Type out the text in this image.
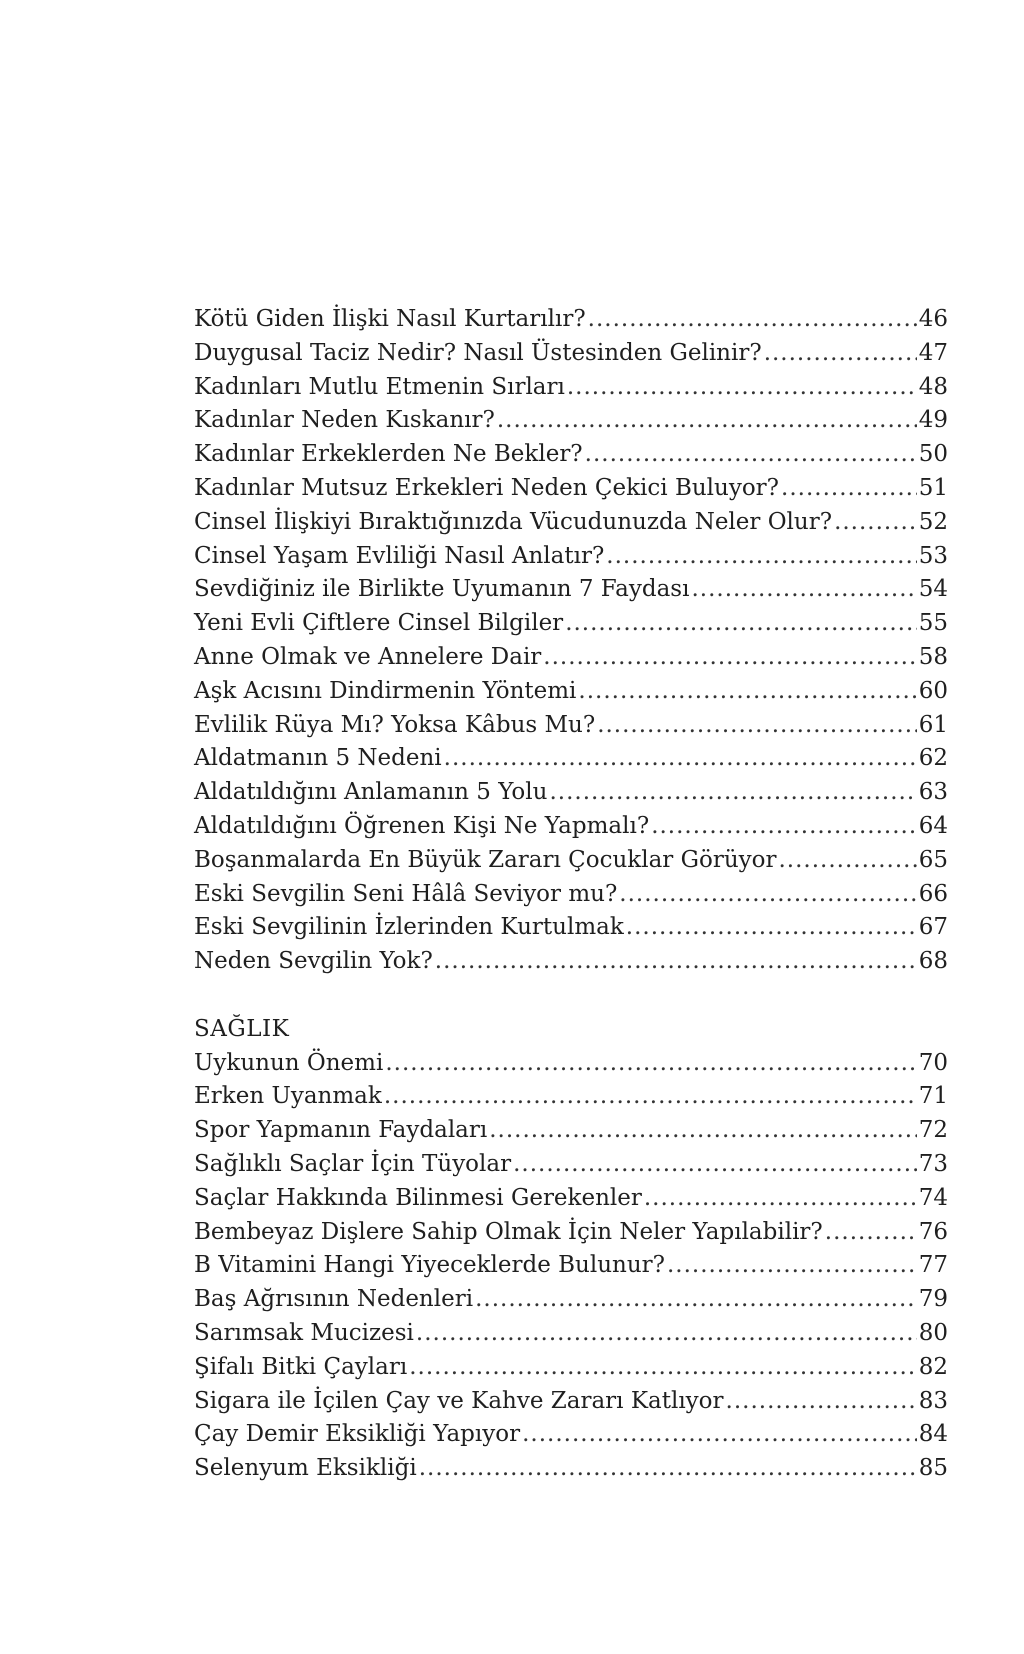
Kötü Giden İlişki Nasıl Kurtarılır? .....	46
Duygusal Taciz Nedir? Nasıl Üstesinden Gelinir? .....	47
Kadınları Mutlu Etmenin Sırları .....	48
Kadınlar Neden Kıskanır? .....	49
Kadınlar Erkeklerden Ne Bekler? .....	50
Kadınlar Mutsuz Erkekleri Neden Çekici Buluyor? .....	51
Cinsel İlişkiyi Bıraktığınızda Vücudunuzda Neler Olur? .....	52
Cinsel Yaşam Evliliği Nasıl Anlatır? .....	53
Sevdiğiniz ile Birlikte Uyumanın 7 Faydası .....	54
Yeni Evli Çiftlere Cinsel Bilgiler .....	55
Anne Olmak ve Annelere Dair .....	58
Aşk Acısını Dindirmenin Yöntemi .....	60
Evlilik Rüya Mı? Yoksa Kâbus Mu? .....	61
Aldatmanın 5 Nedeni .....	62
Aldatıldığını Anlamanın 5 Yolu .....	63
Aldatıldığını Öğrenen Kişi Ne Yapmalı? .....	64
Boşanmalarda En Büyük Zararı Çocuklar Görüyor .....	65
Eski Sevgilin Seni Hâlâ Seviyor mu? .....	66
Eski Sevgilinin İzlerinden Kurtulmak .....	67
Neden Sevgilin Yok? .....	68
SAĞLIK
Uykunun Önemi .....	70
Erken Uyanmak .....	71
Spor Yapmanın Faydaları .....	72
Sağlıklı Saçlar İçin Tüyolar .....	73
Saçlar Hakkında Bilinmesi Gerekenler .....	74
Bembeyaz Dişlere Sahip Olmak İçin Neler Yapılabilir? .....	76
B Vitamini Hangi Yiyeceklerde Bulunur? .....	77
Baş Ağrısının Nedenleri .....	79
Sarımsak Mucizesi .....	80
Şifalı Bitki Çayları .....	82
Sigara ile İçilen Çay ve Kahve Zararı Katlıyor .....	83
Çay Demir Eksikliği Yapıyor .....	84
Selenyum Eksikliği .....	85
